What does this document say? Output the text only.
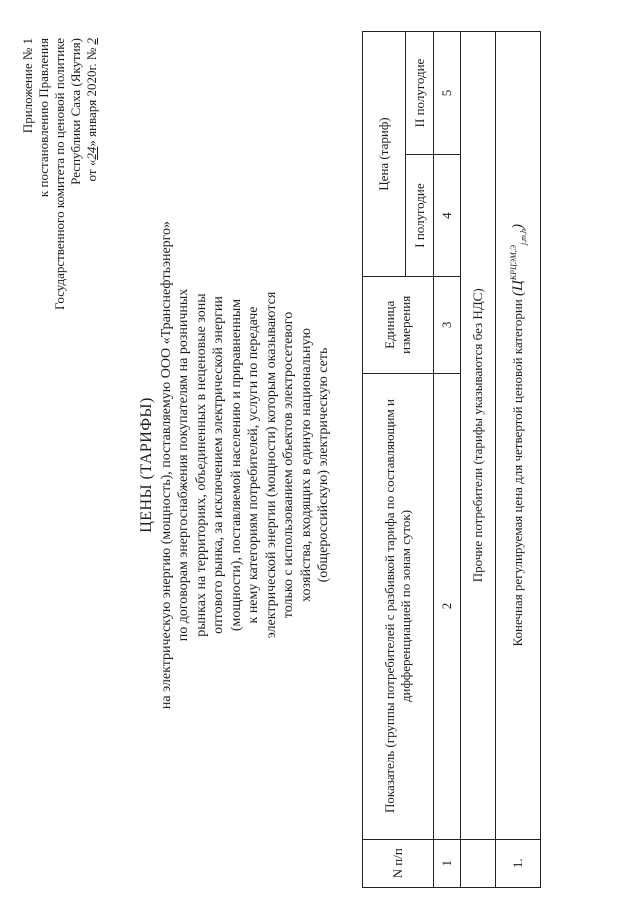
Приложение № 1 к постановлению Правления Государственного комитета по ценовой политике Республики Саха (Якутия) от «24» января 2020г. № 2
ЦЕНЫ (ТАРИФЫ) на электрическую энергию (мощность), поставляемую ООО «Транснефтьэнерго» по договорам энергоснабжения покупателям на розничных рынках на территориях, объединенных в неценовые зоны оптового рынка, за исключением электрической энергии (мощности), поставляемой населению и приравненным к нему категориям потребителей, услуги по передаче электрической энергии (мощности) которым оказываются только с использованием объектов электросетевого хозяйства, входящих в единую национальную (общероссийскую) электрическую сеть
N п/п	Показатель (группы потребителей с разбивкой тарифа по составляющим и дифференциацией по зонам суток)	Единица измерения	Цена (тариф)	
			I полугодие	II полугодие
1	2	3	4	5
	Прочие потребители (тарифы указываются без НДС)			
1.	Конечная регулируемая цена для четвертой ценовой категории $(Ц^{КРЦЭМ,Э}_{j,m,h})$			
